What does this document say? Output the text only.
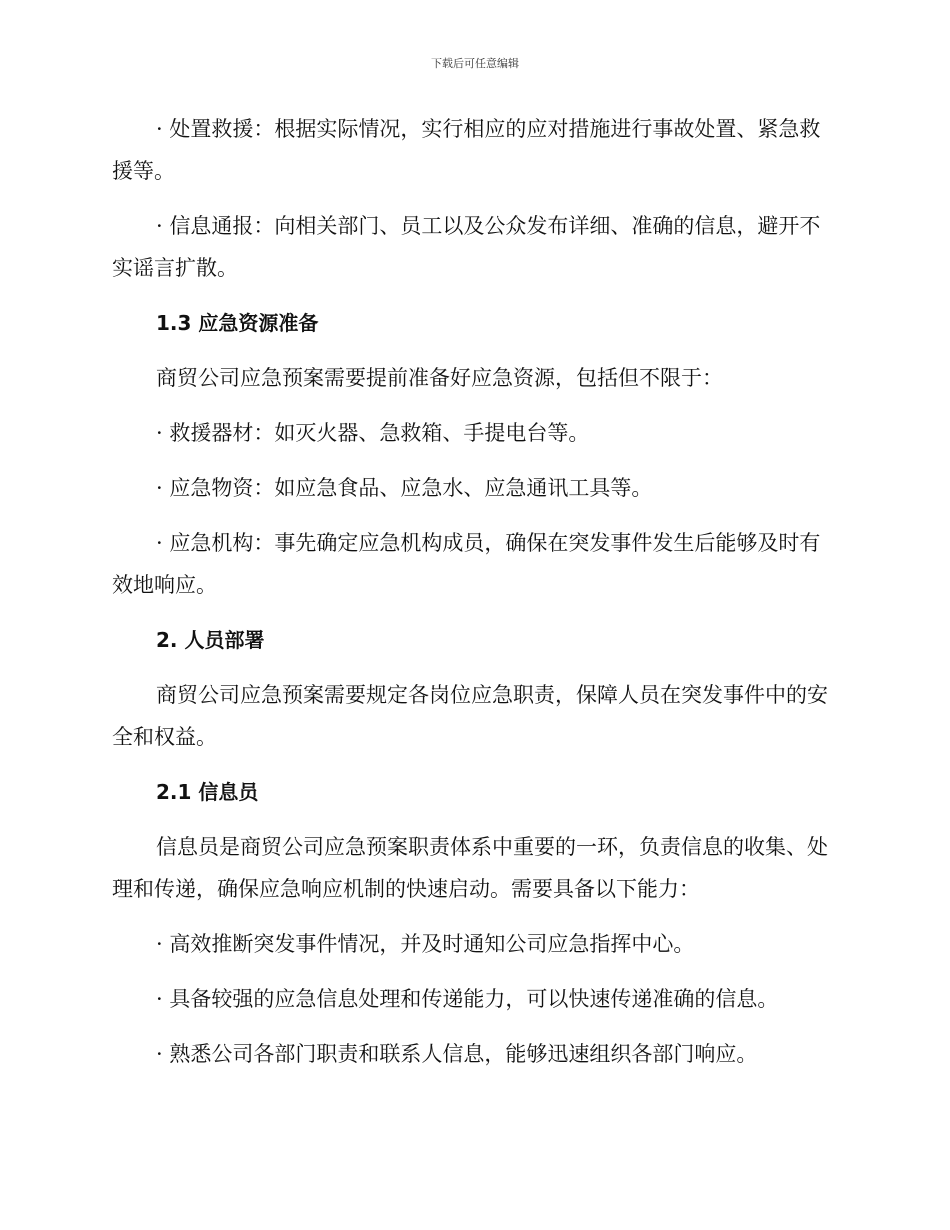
下载后可任意编辑

· 处置救援：根据实际情况，实行相应的应对措施进行事故处置、紧急救援等。

· 信息通报：向相关部门、员工以及公众发布详细、准确的信息，避开不实谣言扩散。

1.3 应急资源准备

商贸公司应急预案需要提前准备好应急资源，包括但不限于：

· 救援器材：如灭火器、急救箱、手提电台等。

· 应急物资：如应急食品、应急水、应急通讯工具等。

· 应急机构：事先确定应急机构成员，确保在突发事件发生后能够及时有效地响应。

2. 人员部署

商贸公司应急预案需要规定各岗位应急职责，保障人员在突发事件中的安全和权益。

2.1 信息员

信息员是商贸公司应急预案职责体系中重要的一环，负责信息的收集、处理和传递，确保应急响应机制的快速启动。需要具备以下能力：

· 高效推断突发事件情况，并及时通知公司应急指挥中心。

· 具备较强的应急信息处理和传递能力，可以快速传递准确的信息。

· 熟悉公司各部门职责和联系人信息，能够迅速组织各部门响应。
